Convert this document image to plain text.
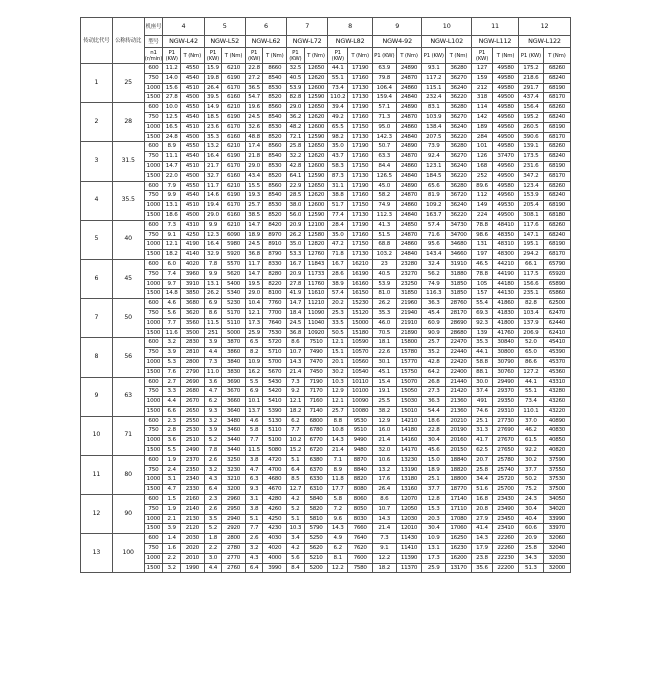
传动比代号	公称传动比	机座号	4		5		6		7		8		9		10		11		12	
		型号	NGW-L42		NGW-L52		NGW-L62		NGW-L72		NGW-L82		NGW4-92		NGW-L102		NGW-L112		NGW-L122	
		n1 (r/min)	P1 (KW)	T (Nm)	P1 (KW)	T (Nm)	P1 (KW)	T (Nm)	P1 (KW)	T (Nm)	P1 (KW)	T (Nm)	P1 (KW)	T (Nm)	P1 (KW)	T (Nm)	P1 (KW)	T (Nm)	P1 (KW)	T (Nm)
1	25	600	11.2	4550	15.9	6210	22.8	8660	32.5	12650	44.1	17190	63.9	24890	93.1	36280	127	49580	175.2	68260
		750	14.0	4540	19.8	6190	27.2	8540	40.5	12620	55.1	17160	79.8	24870	117.2	36270	159	49580	218.6	68240
		1000	15.6	4510	26.4	6170	36.5	8530	53.9	12600	73.4	17130	106.4	24860	115.1	36240	212	49580	291.7	68190
		1500	27.8	4500	39.5	6160	54.7	8520	82.8	12590	110.2	17130	159.4	24840	232.4	36220	318	49500	437.4	68170
2	28	600	10.0	4550	14.9	6210	19.6	8560	29.0	12650	39.4	17190	57.1	24890	83.1	36280	114	49580	156.4	68260
		750	12.5	4540	18.5	6190	24.5	8540	36.2	12620	49.2	17160	71.3	24870	103.9	36270	142	49560	195.2	68240
		1000	16.5	4510	23.6	6170	32.6	8530	48.2	12600	65.5	17150	95.0	24860	138.4	36240	189	49560	260.5	68190
		1500	24.8	4500	35.3	6160	48.8	8520	72.1	12590	98.2	17130	142.3	24840	207.5	36220	284	49500	390.6	68170
3	31.5	600	8.9	4550	13.2	6210	17.4	8560	25.8	12650	35.0	17190	50.7	24890	73.9	36280	101	49580	139.1	68260
		750	11.1	4540	16.4	6190	21.8	8540	32.2	12620	43.7	17160	63.3	24870	92.4	36270	126	37470	173.5	68240
		1000	14.7	4510	21.7	6170	29.0	8530	42.8	12600	58.3	17150	84.4	24860	123.1	36240	168	49560	231.6	68190
		1500	22.0	4500	32.7	6160	43.4	8520	64.1	12590	87.3	17130	126.5	24840	184.5	36220	252	49500	347.2	68170
4	35.5	600	7.9	4550	11.7	6210	15.5	8560	22.9	12650	31.1	17190	45.0	24890	65.6	36280	89.6	49580	123.4	68260
		750	9.9	4540	14.6	6190	19.3	8540	28.5	12620	38.8	17160	58.2	24870	81.9	36720	112	49560	153.9	68240
		1000	13.1	4510	19.4	6170	25.7	8530	38.0	12600	51.7	17150	74.9	24860	109.2	36240	149	49530	205.4	68190
		1500	18.6	4500	29.0	6160	38.5	8520	56.0	12590	77.4	17130	112.3	24840	163.7	36220	224	49500	308.1	68180
5	40	600	7.3	4310	9.9	6210	14.7	8420	20.9	12100	28.4	17190	41.3	24850	57.4	34730	78.8	48410	117.6	68260
		750	9.1	4250	12.3	6090	18.9	8970	26.2	12580	35.0	17160	51.5	24870	71.6	34700	98.6	48350	147.1	68240
		1000	12.1	4190	16.4	5980	24.5	8910	35.0	12820	47.2	17150	68.8	24860	95.6	34680	131	48310	195.1	68190
		1500	18.2	4140	32.9	5920	36.8	8790	53.3	12760	71.8	17130	103.2	24840	143.4	34660	197	48300	294.2	68170
6	45	600	6.0	4020	7.8	5570	11.7	8330	16.7	11843	16.7	16210	23	23280	32.4	31910	46.5	44210	66.1	65790
		750	7.4	3960	9.9	5620	14.7	8280	20.9	11733	28.6	16190	40.5	23270	56.2	31880	78.8	44190	117.5	65920
		1000	9.7	3910	13.1	5400	19.5	8220	27.8	11760	38.9	16160	53.9	23250	74.9	31850	105	44180	156.6	65890
		1500	14.8	3850	26.2	5340	29.0	8100	41.9	11610	57.4	16150	81.0	31850	116.3	31850	157	44130	235.1	65860
7	50	600	4.6	3680	6.9	5230	10.4	7760	14.7	11210	20.2	15230	26.2	21960	36.3	28760	55.4	41860	82.8	62500
		750	5.6	3620	8.6	5170	12.1	7700	18.4	11090	25.3	15120	35.3	21940	45.4	28170	69.3	41830	103.4	62470
		1000	7.7	3560	11.5	5110	17.3	7640	24.5	11040	33.5	15000	46.0	21910	60.9	28690	92.3	41800	137.9	62440
		1500	11.6	3500	251	5000	25.9	7530	36.8	10920	50.5	15180	70.5	21890	90.9	28680	139	41760	206.9	62410
8	56	600	3.2	2830	3.9	3870	6.5	5720	8.6	7510	12.1	10590	18.1	15800	25.7	22470	35.3	30840	52.0	45410
		750	3.9	2810	4.4	3860	8.2	5710	10.7	7490	15.1	10570	22.6	15780	35.2	22440	44.1	30800	65.0	45390
		1000	5.3	2800	7.3	3840	10.9	5700	14.3	7470	20.1	10560	30.1	15770	42.8	22420	58.8	30790	86.6	45370
		1500	7.6	2790	11.0	3830	16.2	5670	21.4	7450	30.2	10540	45.1	15750	64.2	22400	88.1	30760	127.2	45360
9	63	600	2.7	2690	3.6	3690	5.5	5430	7.3	7190	10.3	10110	15.4	15070	26.8	21440	30.0	29490	44.1	43310
		750	3.3	2680	4.7	3670	6.9	5420	9.2	7170	12.9	10100	19.1	15050	27.3	21420	37.4	29370	55.1	43280
		1000	4.4	2670	6.2	3660	10.1	5410	12.1	7160	12.1	10090	25.5	15030	36.3	21360	491	29350	73.4	43260
		1500	6.6	2650	9.3	3640	13.7	5390	18.2	7140	25.7	10080	38.2	15010	54.4	21360	74.6	29310	110.1	43220
10	71	600	2.3	2550	3.2	3480	4.6	5130	6.2	6800	8.8	9530	12.9	14210	18.6	20210	25.1	27730	37.0	40890
		750	2.8	2530	3.9	3460	5.8	5110	7.7	6780	10.8	9510	16.0	14180	22.8	20190	31.3	27690	46.2	40830
		1000	3.6	2510	5.2	3440	7.7	5100	10.2	6770	14.3	9490	21.4	14160	30.4	20160	41.7	27670	61.5	40850
		1500	5.5	2490	7.8	3440	11.5	5080	15.2	6720	21.4	9480	32.0	14170	45.6	20150	62.5	27650	92.2	40820
11	80	600	1.9	2370	2.6	3250	3.8	4720	5.1	6380	7.1	8870	10.6	13230	15.0	18840	20.7	25780	30.2	37590
		750	2.4	2350	3.2	3230	4.7	4700	6.4	6370	8.9	8840	13.2	13190	18.9	18820	25.8	25740	37.7	37550
		1000	3.1	2340	4.3	3210	6.3	4680	8.5	6330	11.8	8820	17.6	13180	25.1	18800	34.4	25720	50.2	37530
		1500	4.7	2330	6.4	3200	9.3	4670	12.7	6310	17.7	8080	26.4	13160	37.7	18770	51.6	25700	75.2	37500
12	90	600	1.5	2160	2.3	2960	3.1	4280	4.2	5840	5.8	8060	8.6	12070	12.8	17140	16.8	23430	24.3	34050
		750	1.9	2140	2.6	2950	3.8	4260	5.2	5820	7.2	8050	10.7	12050	15.3	17110	20.8	23490	30.4	34020
		1000	2.1	2130	3.5	2940	5.1	4250	5.1	5810	9.6	8030	14.3	12030	20.3	17080	27.9	23450	40.4	33990
		1500	3.9	2120	5.2	2920	7.7	4230	10.3	5790	14.3	7660	21.4	12010	30.4	17060	41.4	23410	60.6	33970
13	100	600	1.4	2030	1.8	2800	2.6	4030	3.4	5250	4.9	7640	7.3	11430	10.9	16250	14.3	22260	20.9	32060
		750	1.6	2020	2.2	2780	3.2	4020	4.2	5620	6.2	7620	9.1	11410	13.1	16230	17.9	22260	25.8	32040
		1000	2.2	2010	3.0	2770	4.3	4000	5.6	5210	8.1	7600	12.2	11390	17.3	16200	23.8	22230	34.3	32030
		1500	3.2	1990	4.4	2760	6.4	3990	8.4	5200	12.2	7580	18.2	11370	25.9	13170	35.6	22200	51.3	32000
